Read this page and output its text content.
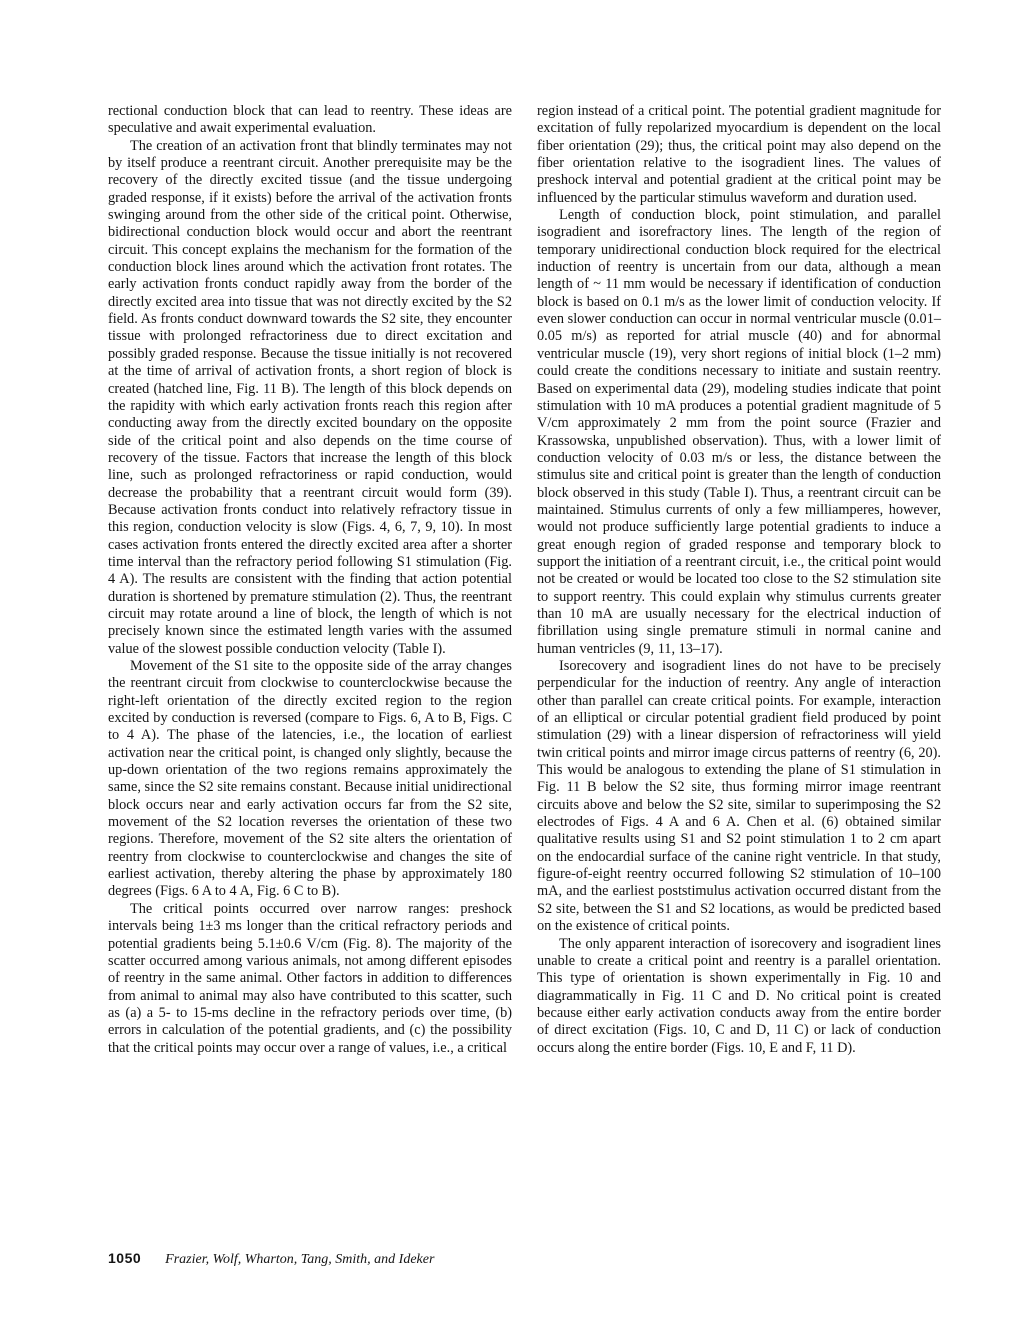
rectional conduction block that can lead to reentry. These ideas are speculative and await experimental evaluation.

The creation of an activation front that blindly terminates may not by itself produce a reentrant circuit. Another prerequisite may be the recovery of the directly excited tissue (and the tissue undergoing graded response, if it exists) before the arrival of the activation fronts swinging around from the other side of the critical point. Otherwise, bidirectional conduction block would occur and abort the reentrant circuit. This concept explains the mechanism for the formation of the conduction block lines around which the activation front rotates. The early activation fronts conduct rapidly away from the border of the directly excited area into tissue that was not directly excited by the S2 field. As fronts conduct downward towards the S2 site, they encounter tissue with prolonged refractoriness due to direct excitation and possibly graded response. Because the tissue initially is not recovered at the time of arrival of activation fronts, a short region of block is created (hatched line, Fig. 11 B). The length of this block depends on the rapidity with which early activation fronts reach this region after conducting away from the directly excited boundary on the opposite side of the critical point and also depends on the time course of recovery of the tissue. Factors that increase the length of this block line, such as prolonged refractoriness or rapid conduction, would decrease the probability that a reentrant circuit would form (39). Because activation fronts conduct into relatively refractory tissue in this region, conduction velocity is slow (Figs. 4, 6, 7, 9, 10). In most cases activation fronts entered the directly excited area after a shorter time interval than the refractory period following S1 stimulation (Fig. 4 A). The results are consistent with the finding that action potential duration is shortened by premature stimulation (2). Thus, the reentrant circuit may rotate around a line of block, the length of which is not precisely known since the estimated length varies with the assumed value of the slowest possible conduction velocity (Table I).

Movement of the S1 site to the opposite side of the array changes the reentrant circuit from clockwise to counterclockwise because the right-left orientation of the directly excited region to the region excited by conduction is reversed (compare to Figs. 6, A to B, Figs. C to 4 A). The phase of the latencies, i.e., the location of earliest activation near the critical point, is changed only slightly, because the up-down orientation of the two regions remains approximately the same, since the S2 site remains constant. Because initial unidirectional block occurs near and early activation occurs far from the S2 site, movement of the S2 location reverses the orientation of these two regions. Therefore, movement of the S2 site alters the orientation of reentry from clockwise to counterclockwise and changes the site of earliest activation, thereby altering the phase by approximately 180 degrees (Figs. 6 A to 4 A, Fig. 6 C to B).

The critical points occurred over narrow ranges: preshock intervals being 1±3 ms longer than the critical refractory periods and potential gradients being 5.1±0.6 V/cm (Fig. 8). The majority of the scatter occurred among various animals, not among different episodes of reentry in the same animal. Other factors in addition to differences from animal to animal may also have contributed to this scatter, such as (a) a 5- to 15-ms decline in the refractory periods over time, (b) errors in calculation of the potential gradients, and (c) the possibility that the critical points may occur over a range of values, i.e., a critical

region instead of a critical point. The potential gradient magnitude for excitation of fully repolarized myocardium is dependent on the local fiber orientation (29); thus, the critical point may also depend on the fiber orientation relative to the isogradient lines. The values of preshock interval and potential gradient at the critical point may be influenced by the particular stimulus waveform and duration used.

Length of conduction block, point stimulation, and parallel isogradient and isorefractory lines. The length of the region of temporary unidirectional conduction block required for the electrical induction of reentry is uncertain from our data, although a mean length of ~ 11 mm would be necessary if identification of conduction block is based on 0.1 m/s as the lower limit of conduction velocity. If even slower conduction can occur in normal ventricular muscle (0.01–0.05 m/s) as reported for atrial muscle (40) and for abnormal ventricular muscle (19), very short regions of initial block (1–2 mm) could create the conditions necessary to initiate and sustain reentry. Based on experimental data (29), modeling studies indicate that point stimulation with 10 mA produces a potential gradient magnitude of 5 V/cm approximately 2 mm from the point source (Frazier and Krassowska, unpublished observation). Thus, with a lower limit of conduction velocity of 0.03 m/s or less, the distance between the stimulus site and critical point is greater than the length of conduction block observed in this study (Table I). Thus, a reentrant circuit can be maintained. Stimulus currents of only a few milliamperes, however, would not produce sufficiently large potential gradients to induce a great enough region of graded response and temporary block to support the initiation of a reentrant circuit, i.e., the critical point would not be created or would be located too close to the S2 stimulation site to support reentry. This could explain why stimulus currents greater than 10 mA are usually necessary for the electrical induction of fibrillation using single premature stimuli in normal canine and human ventricles (9, 11, 13–17).

Isorecovery and isogradient lines do not have to be precisely perpendicular for the induction of reentry. Any angle of interaction other than parallel can create critical points. For example, interaction of an elliptical or circular potential gradient field produced by point stimulation (29) with a linear dispersion of refractoriness will yield twin critical points and mirror image circus patterns of reentry (6, 20). This would be analogous to extending the plane of S1 stimulation in Fig. 11 B below the S2 site, thus forming mirror image reentrant circuits above and below the S2 site, similar to superimposing the S2 electrodes of Figs. 4 A and 6 A. Chen et al. (6) obtained similar qualitative results using S1 and S2 point stimulation 1 to 2 cm apart on the endocardial surface of the canine right ventricle. In that study, figure-of-eight reentry occurred following S2 stimulation of 10–100 mA, and the earliest poststimulus activation occurred distant from the S2 site, between the S1 and S2 locations, as would be predicted based on the existence of critical points.

The only apparent interaction of isorecovery and isogradient lines unable to create a critical point and reentry is a parallel orientation. This type of orientation is shown experimentally in Fig. 10 and diagrammatically in Fig. 11 C and D. No critical point is created because either early activation conducts away from the entire border of direct excitation (Figs. 10, C and D, 11 C) or lack of conduction occurs along the entire border (Figs. 10, E and F, 11 D).

1050 Frazier, Wolf, Wharton, Tang, Smith, and Ideker
